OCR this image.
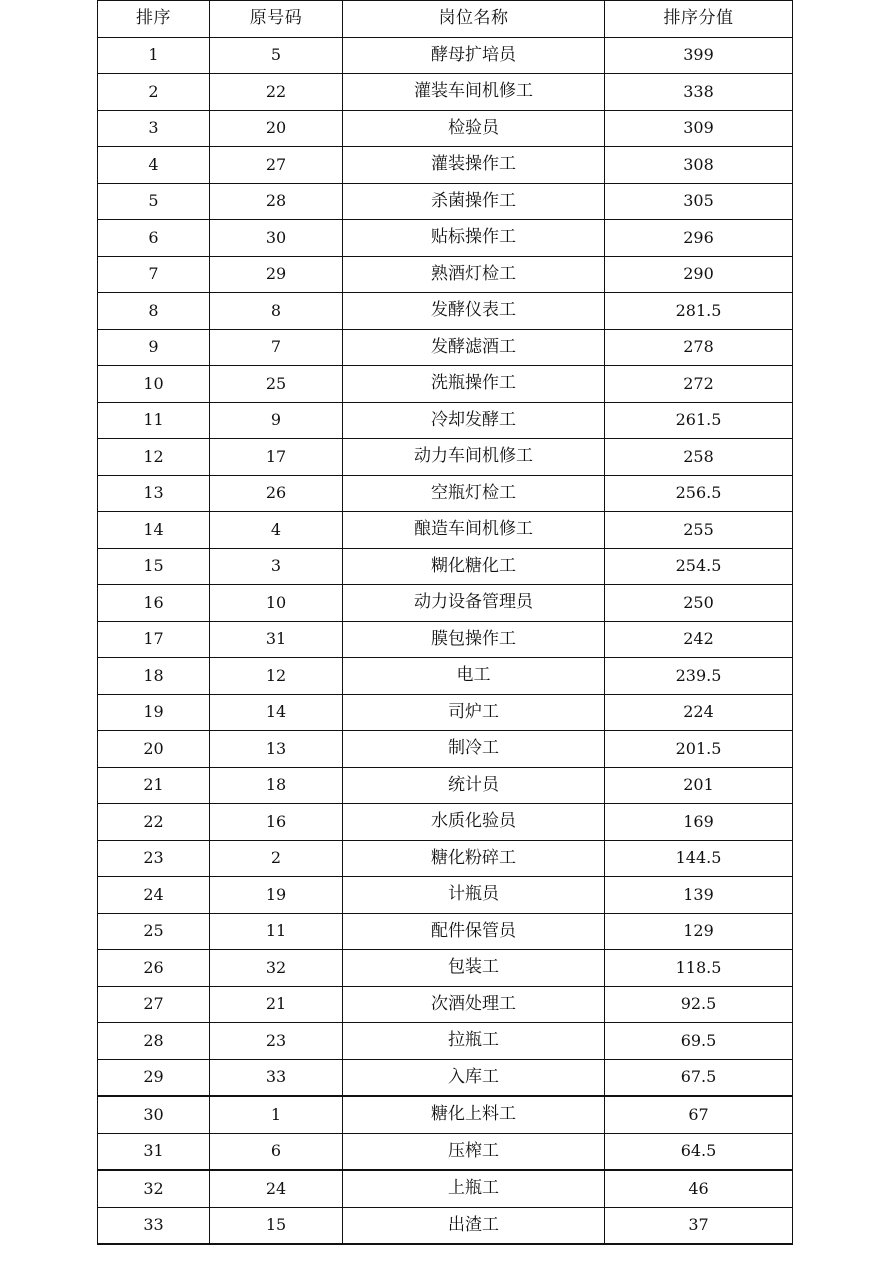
排序	原号码	岗位名称	排序分值
1	5	酵母扩培员	399
2	22	灌装车间机修工	338
3	20	检验员	309
4	27	灌装操作工	308
5	28	杀菌操作工	305
6	30	贴标操作工	296
7	29	熟酒灯检工	290
8	8	发酵仪表工	281.5
9	7	发酵滤酒工	278
10	25	洗瓶操作工	272
11	9	冷却发酵工	261.5
12	17	动力车间机修工	258
13	26	空瓶灯检工	256.5
14	4	酿造车间机修工	255
15	3	糊化糖化工	254.5
16	10	动力设备管理员	250
17	31	膜包操作工	242
18	12	电工	239.5
19	14	司炉工	224
20	13	制冷工	201.5
21	18	统计员	201
22	16	水质化验员	169
23	2	糖化粉碎工	144.5
24	19	计瓶员	139
25	11	配件保管员	129
26	32	包装工	118.5
27	21	次酒处理工	92.5
28	23	拉瓶工	69.5
29	33	入库工	67.5
30	1	糖化上料工	67
31	6	压榨工	64.5
32	24	上瓶工	46
33	15	出渣工	37
